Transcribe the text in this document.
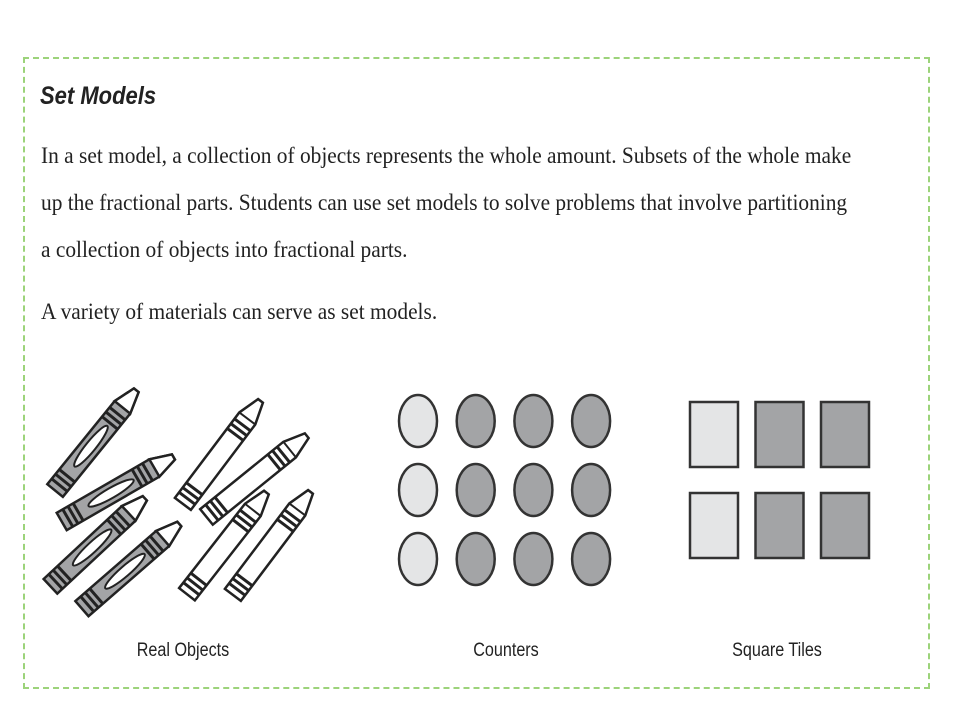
Set Models
In a set model, a collection of objects represents the whole amount. Subsets of the whole make up the fractional parts. Students can use set models to solve problems that involve partitioning a collection of objects into fractional parts.
A variety of materials can serve as set models.
Real Objects	Counters	Square Tiles
